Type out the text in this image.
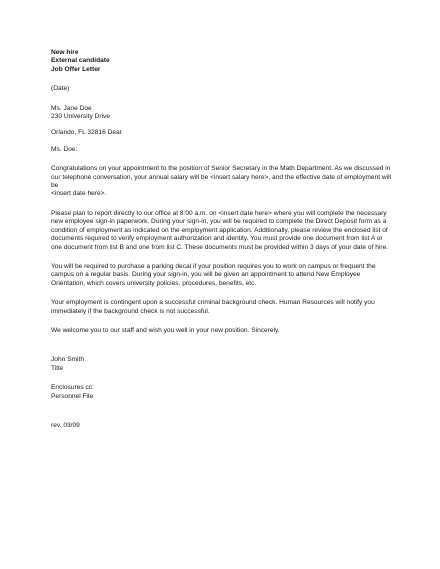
New hire
External candidate
Job Offer Letter
(Date)
Ms. Jane Doe
230 University Drive
Orlando, FL 32816 Dear
Ms. Doe:

Congratulations on your appointment to the position of Senior Secretary in the Math Department. As we discussed in
our telephone conversation, your annual salary will be <insert salary here>, and the effective date of employment will be
<insert date here>.

Please plan to report directly to our office at 8:00 a.m. on <insert date here> where you will complete the necessary
new employee sign-in paperwork. During your sign-in, you will be required to complete the Direct Deposit form as a
condition of employment as indicated on the employment application. Additionally, please review the enclosed list of
documents required to verify employment authorization and identity. You must provide one document from list A or
one document from list B and one from list C. These documents must be provided within 3 days of your date of hire.

You will be required to purchase a parking decal if your position requires you to work on campus or frequent the
campus on a regular basis. During your sign-in, you will be given an appointment to attend New Employee
Orientation, which covers university policies, procedures, benefits, etc.

Your employment is contingent upon a successful criminal background check. Human Resources will notify you
immediately if the background check is not successful.

We welcome you to our staff and wish you well in your new position. Sincerely,

John Smith
Title
Enclosures cc:
Personnel File
rev. 03/09
